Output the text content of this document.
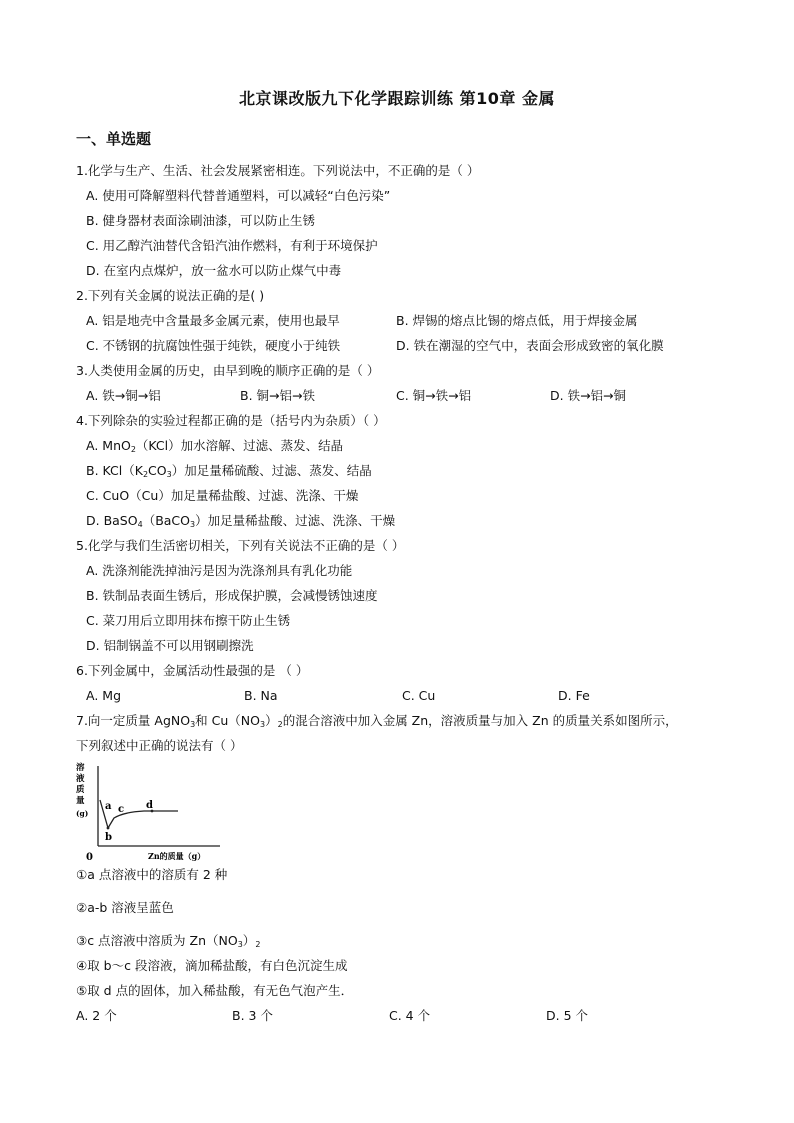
北京课改版九下化学跟踪训练 第10章 金属
一、单选题
1.化学与生产、生活、社会发展紧密相连。下列说法中，不正确的是（ ）
A. 使用可降解塑料代替普通塑料，可以减轻“白色污染”
B. 健身器材表面涂刷油漆，可以防止生锈
C. 用乙醇汽油替代含铅汽油作燃料，有利于环境保护
D. 在室内点煤炉，放一盆水可以防止煤气中毒
2.下列有关金属的说法正确的是( )
A. 铝是地壳中含量最多金属元素，使用也最早	B. 焊锡的熔点比锡的熔点低，用于焊接金属
C. 不锈钢的抗腐蚀性强于纯铁，硬度小于纯铁	D. 铁在潮湿的空气中，表面会形成致密的氧化膜
3.人类使用金属的历史，由早到晚的顺序正确的是（ ）
A. 铁→铜→铝	B. 铜→铝→铁	C. 铜→铁→铝	D. 铁→铝→铜
4.下列除杂的实验过程都正确的是（括号内为杂质）（ ）
A. MnO$_2$（KCl）加水溶解、过滤、蒸发、结晶
B. $KCl(K_2CO_3)$加足量稀硫酸、过滤、蒸发、结晶
C. CuO（Cu）加足量稀盐酸、过滤、洗涤、干燥
D. BaSO$_4$（BaCO$_3$）加足量稀盐酸、过滤、洗涤、干燥
5.化学与我们生活密切相关，下列有关说法不正确的是（ ）
A. 洗涤剂能洗掉油污是因为洗涤剂具有乳化功能
B. 铁制品表面生锈后，形成保护膜，会减慢锈蚀速度
C. 菜刀用后立即用抹布擦干防止生锈
D. 铝制锅盖不可以用钢刷擦洗
6.下列金属中，金属活动性最强的是 （ ）
A. Mg	B. Na	C. Cu	D. Fe
7.向一定质量 AgNO$_3$和 $Cu(NO_3)_2$的混合溶液中加入金属 Zn，溶液质量与加入 Zn 的质量关系如图所示，
下列叙述中正确的说法有（ ）
溶
液
质
量
(g)
a
b
c d
0	Zn的质量（g）
①a 点溶液中的溶质有 2 种
②a-b 溶液呈蓝色
③c 点溶液中溶质为 $Zn(NO_3)_2$
④取 b～c 段溶液，滴加稀盐酸，有白色沉淀生成
⑤取 d 点的固体，加入稀盐酸，有无色气泡产生．
A. 2 个	B. 3 个	C. 4 个	D. 5 个
